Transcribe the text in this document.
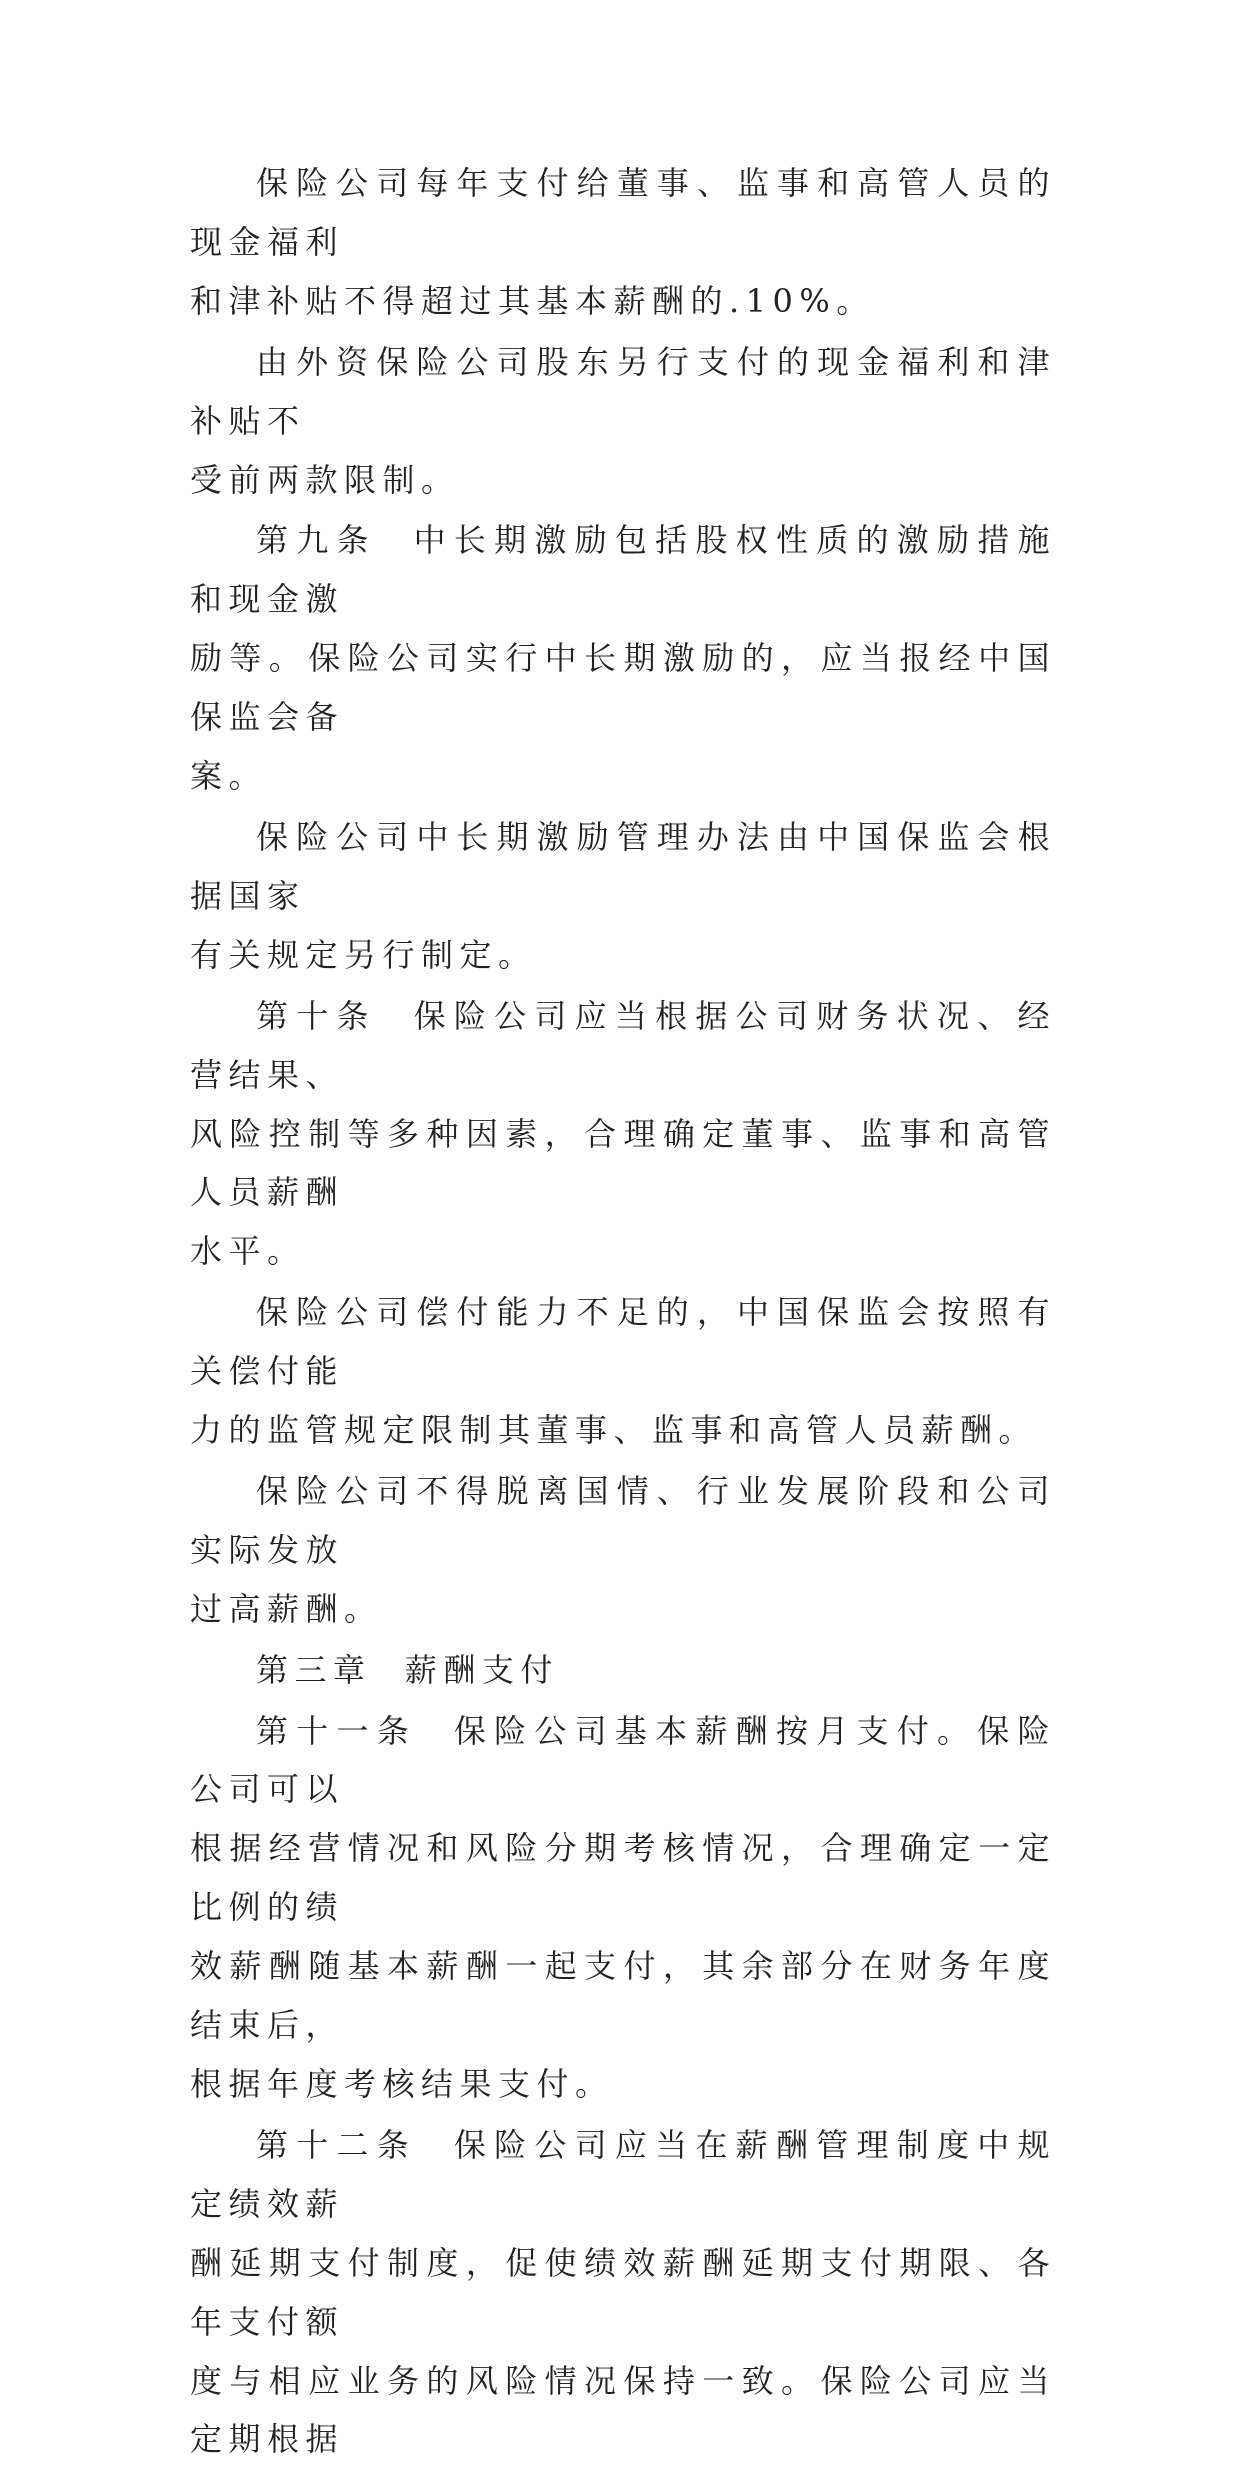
保险公司每年支付给董事、监事和高管人员的现金福利
和津补贴不得超过其基本薪酬的.10%。

由外资保险公司股东另行支付的现金福利和津补贴不
受前两款限制。

第九条  中长期激励包括股权性质的激励措施和现金激
励等。保险公司实行中长期激励的，应当报经中国保监会备
案。

保险公司中长期激励管理办法由中国保监会根据国家
有关规定另行制定。

第十条  保险公司应当根据公司财务状况、经营结果、
风险控制等多种因素，合理确定董事、监事和高管人员薪酬
水平。

保险公司偿付能力不足的，中国保监会按照有关偿付能
力的监管规定限制其董事、监事和高管人员薪酬。

保险公司不得脱离国情、行业发展阶段和公司实际发放
过高薪酬。

第三章  薪酬支付

第十一条  保险公司基本薪酬按月支付。保险公司可以
根据经营情况和风险分期考核情况，合理确定一定比例的绩
效薪酬随基本薪酬一起支付，其余部分在财务年度结束后，
根据年度考核结果支付。

第十二条  保险公司应当在薪酬管理制度中规定绩效薪
酬延期支付制度，促使绩效薪酬延期支付期限、各年支付额
度与相应业务的风险情况保持一致。保险公司应当定期根据
